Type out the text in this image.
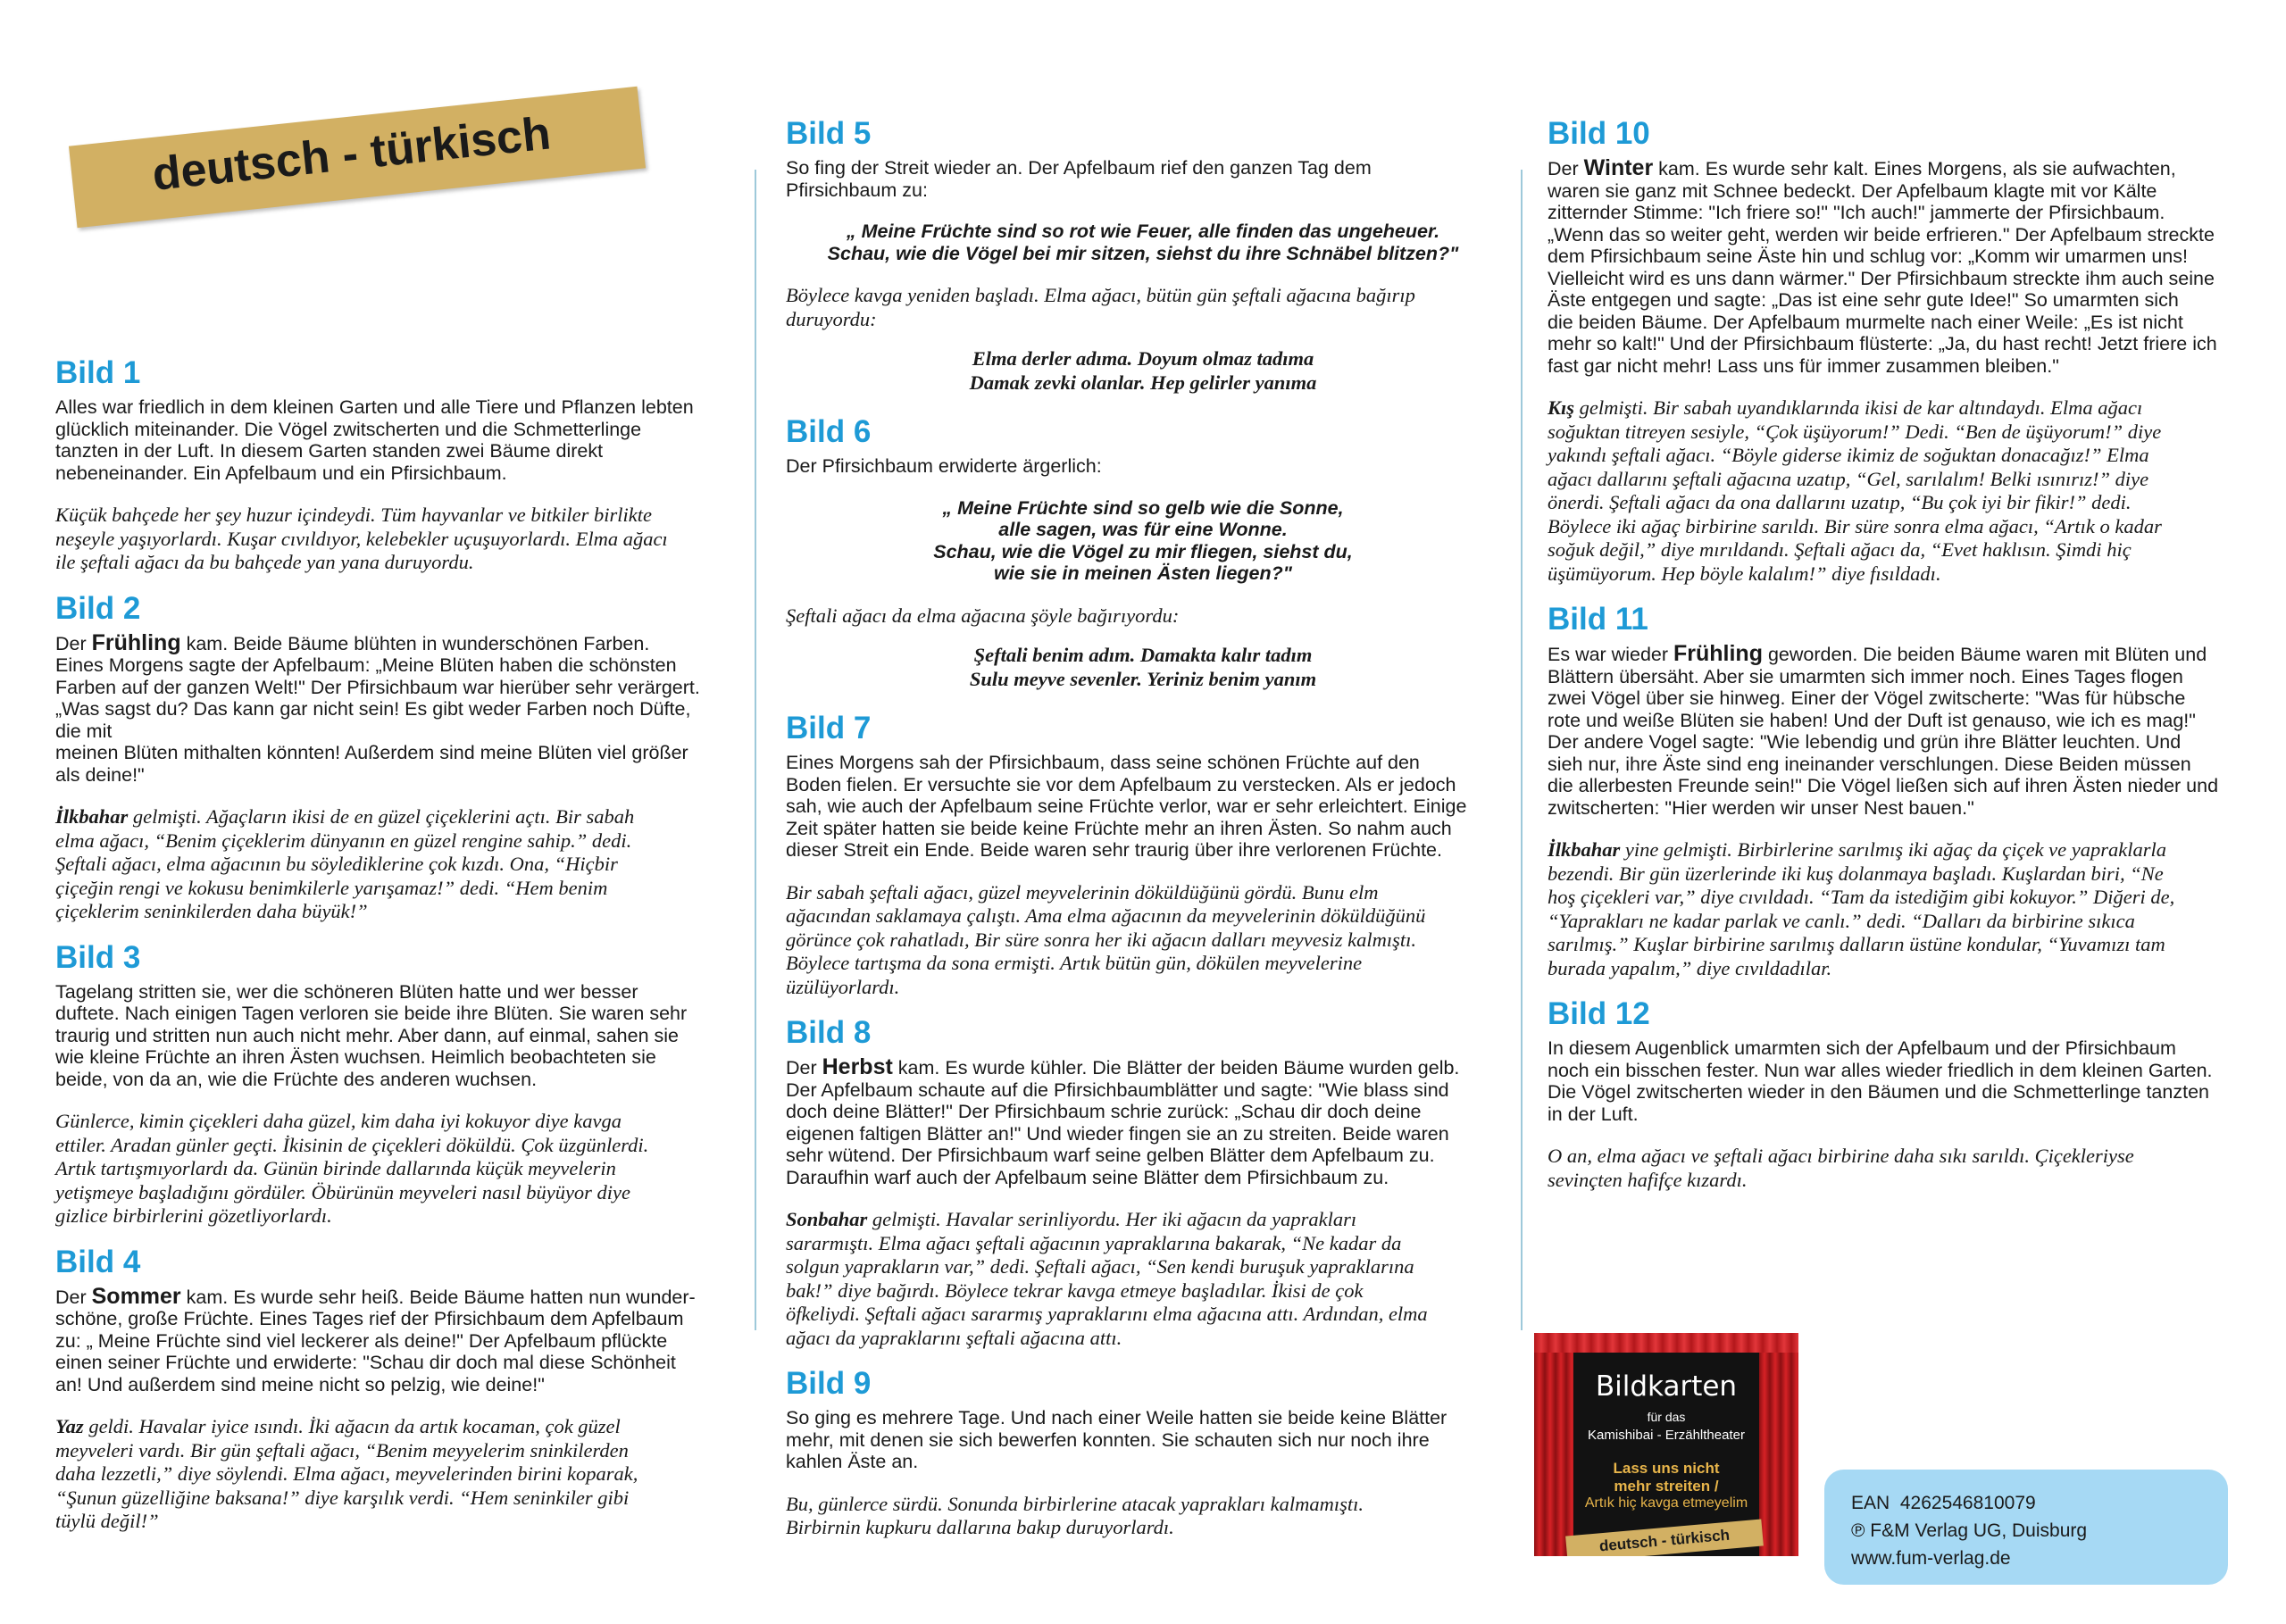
deutsch - türkisch
Bild 1

Alles war friedlich in dem kleinen Garten und alle Tiere und Pflanzen lebten
glücklich miteinander. Die Vögel zwitscherten und die Schmetterlinge
tanzten in der Luft. In diesem Garten standen zwei Bäume direkt
nebeneinander. Ein Apfelbaum und ein Pfirsichbaum.

Küçük bahçede her şey huzur içindeydi. Tüm hayvanlar ve bitkiler birlikte
neşeyle yaşıyorlardı. Kuşar cıvıldıyor, kelebekler uçuşuyorlardı. Elma ağacı
ile şeftali ağacı da bu bahçede yan yana duruyordu.

Bild 2

Der Frühling kam. Beide Bäume blühten in wunderschönen Farben.
Eines Morgens sagte der Apfelbaum: „Meine Blüten haben die schönsten
Farben auf der ganzen Welt!" Der Pfirsichbaum war hierüber sehr verärgert.
„Was sagst du? Das kann gar nicht sein! Es gibt weder Farben noch Düfte,
die mit
meinen Blüten mithalten könnten! Außerdem sind meine Blüten viel größer
als deine!"

İlkbahar gelmişti. Ağaçların ikisi de en güzel çiçeklerini açtı. Bir sabah
elma ağacı, “Benim çiçeklerim dünyanın en güzel rengine sahip.” dedi.
Şeftali ağacı, elma ağacının bu söylediklerine çok kızdı. Ona, “Hiçbir
çiçeğin rengi ve kokusu benimkilerle yarışamaz!” dedi. “Hem benim
çiçeklerim seninkilerden daha büyük!”

Bild 3

Tagelang stritten sie, wer die schöneren Blüten hatte und wer besser
duftete. Nach einigen Tagen verloren sie beide ihre Blüten. Sie waren sehr
traurig und stritten nun auch nicht mehr. Aber dann, auf einmal, sahen sie
wie kleine Früchte an ihren Ästen wuchsen. Heimlich beobachteten sie
beide, von da an, wie die Früchte des anderen wuchsen.

Günlerce, kimin çiçekleri daha güzel, kim daha iyi kokuyor diye kavga
ettiler. Aradan günler geçti. İkisinin de çiçekleri döküldü. Çok üzgünlerdi.
Artık tartışmıyorlardı da. Günün birinde dallarında küçük meyvelerin
yetişmeye başladığını gördüler. Öbürünün meyveleri nasıl büyüyor diye
gizlice birbirlerini gözetliyorlardı.

Bild 4

Der Sommer kam. Es wurde sehr heiß. Beide Bäume hatten nun wunder-
schöne, große Früchte. Eines Tages rief der Pfirsichbaum dem Apfelbaum
zu: „ Meine Früchte sind viel leckerer als deine!" Der Apfelbaum pflückte
einen seiner Früchte und erwiderte: "Schau dir doch mal diese Schönheit
an! Und außerdem sind meine nicht so pelzig, wie deine!"

Yaz geldi. Havalar iyice ısındı. İki ağacın da artık kocaman, çok güzel
meyveleri vardı. Bir gün şeftali ağacı, “Benim meyyelerim sninkilerden
daha lezzetli,” diye söylendi. Elma ağacı, meyvelerinden birini koparak,
“Şunun güzelliğine baksana!” diye karşılık verdi. “Hem seninkiler gibi
tüylü değil!”

Bild 5

So fing der Streit wieder an. Der Apfelbaum rief den ganzen Tag dem
Pfirsichbaum zu:

„ Meine Früchte sind so rot wie Feuer, alle finden das ungeheuer.
Schau, wie die Vögel bei mir sitzen, siehst du ihre Schnäbel blitzen?"

Böylece kavga yeniden başladı. Elma ağacı, bütün gün şeftali ağacına bağırıp
duruyordu:

Elma derler adıma. Doyum olmaz tadıma
Damak zevki olanlar. Hep gelirler yanıma

Bild 6

Der Pfirsichbaum erwiderte ärgerlich:

„ Meine Früchte sind so gelb wie die Sonne,
alle sagen, was für eine Wonne.
Schau, wie die Vögel zu mir fliegen, siehst du,
wie sie in meinen Ästen liegen?"

Şeftali ağacı da elma ağacına şöyle bağırıyordu:

Şeftali benim adım. Damakta kalır tadım
Sulu meyve sevenler. Yeriniz benim yanım

Bild 7

Eines Morgens sah der Pfirsichbaum, dass seine schönen Früchte auf den
Boden fielen. Er versuchte sie vor dem Apfelbaum zu verstecken. Als er jedoch
sah, wie auch der Apfelbaum seine Früchte verlor, war er sehr erleichtert. Einige
Zeit später hatten sie beide keine Früchte mehr an ihren Ästen. So nahm auch
dieser Streit ein Ende. Beide waren sehr traurig über ihre verlorenen Früchte.

Bir sabah şeftali ağacı, güzel meyvelerinin döküldüğünü gördü. Bunu elm
ağacından saklamaya çalıştı. Ama elma ağacının da meyvelerinin döküldüğünü
görünce çok rahatladı, Bir süre sonra her iki ağacın dalları meyvesiz kalmıştı.
Böylece tartışma da sona ermişti. Artık bütün gün, dökülen meyvelerine
üzülüyorlardı.

Bild 8

Der Herbst kam. Es wurde kühler. Die Blätter der beiden Bäume wurden gelb.
Der Apfelbaum schaute auf die Pfirsichbaumblätter und sagte: "Wie blass sind
doch deine Blätter!" Der Pfirsichbaum schrie zurück: „Schau dir doch deine
eigenen faltigen Blätter an!" Und wieder fingen sie an zu streiten. Beide waren
sehr wütend. Der Pfirsichbaum warf seine gelben Blätter dem Apfelbaum zu.
Daraufhin warf auch der Apfelbaum seine Blätter dem Pfirsichbaum zu.

Sonbahar gelmişti. Havalar serinliyordu. Her iki ağacın da yaprakları
sararmıştı. Elma ağacı şeftali ağacının yapraklarına bakarak, “Ne kadar da
solgun yaprakların var,” dedi. Şeftali ağacı, “Sen kendi buruşuk yapraklarına
bak!” diye bağırdı. Böylece tekrar kavga etmeye başladılar. İkisi de çok
öfkeliydi. Şeftali ağacı sararmış yapraklarını elma ağacına attı. Ardından, elma
ağacı da yapraklarını şeftali ağacına attı.

Bild 9

So ging es mehrere Tage. Und nach einer Weile hatten sie beide keine Blätter
mehr, mit denen sie sich bewerfen konnten. Sie schauten sich nur noch ihre
kahlen Äste an.

Bu, günlerce sürdü. Sonunda birbirlerine atacak yaprakları kalmamıştı.
Birbirnin kupkuru dallarına bakıp duruyorlardı.

Bild 10

Der Winter kam. Es wurde sehr kalt. Eines Morgens, als sie aufwachten,
waren sie ganz mit Schnee bedeckt. Der Apfelbaum klagte mit vor Kälte
zitternder Stimme: "Ich friere so!" "Ich auch!" jammerte der Pfirsichbaum.
„Wenn das so weiter geht, werden wir beide erfrieren." Der Apfelbaum streckte
dem Pfirsichbaum seine Äste hin und schlug vor: „Komm wir umarmen uns!
Vielleicht wird es uns dann wärmer." Der Pfirsichbaum streckte ihm auch seine
Äste entgegen und sagte: „Das ist eine sehr gute Idee!" So umarmten sich
die beiden Bäume. Der Apfelbaum murmelte nach einer Weile: „Es ist nicht
mehr so kalt!" Und der Pfirsichbaum flüsterte: „Ja, du hast recht! Jetzt friere ich
fast gar nicht mehr! Lass uns für immer zusammen bleiben."

Kış gelmişti. Bir sabah uyandıklarında ikisi de kar altındaydı. Elma ağacı
soğuktan titreyen sesiyle, “Çok üşüyorum!” Dedi. “Ben de üşüyorum!” diye
yakındı şeftali ağacı. “Böyle giderse ikimiz de soğuktan donacağız!” Elma
ağacı dallarını şeftali ağacına uzatıp, “Gel, sarılalım! Belki ısınırız!” diye
önerdi. Şeftali ağacı da ona dallarını uzatıp, “Bu çok iyi bir fikir!” dedi.
Böylece iki ağaç birbirine sarıldı. Bir süre sonra elma ağacı, “Artık o kadar
soğuk değil,” diye mırıldandı. Şeftali ağacı da, “Evet haklısın. Şimdi hiç
üşümüyorum. Hep böyle kalalım!” diye fısıldadı.

Bild 11

Es war wieder Frühling geworden. Die beiden Bäume waren mit Blüten und
Blättern übersäht. Aber sie umarmten sich immer noch. Eines Tages flogen
zwei Vögel über sie hinweg. Einer der Vögel zwitscherte: "Was für hübsche
rote und weiße Blüten sie haben! Und der Duft ist genauso, wie ich es mag!"
Der andere Vogel sagte: "Wie lebendig und grün ihre Blätter leuchten. Und
sieh nur, ihre Äste sind eng ineinander verschlungen. Diese Beiden müssen
die allerbesten Freunde sein!" Die Vögel ließen sich auf ihren Ästen nieder und
zwitscherten: "Hier werden wir unser Nest bauen."

İlkbahar yine gelmişti. Birbirlerine sarılmış iki ağaç da çiçek ve yapraklarla
bezendi. Bir gün üzerlerinde iki kuş dolanmaya başladı. Kuşlardan biri, “Ne
hoş çiçekleri var,” diye cıvıldadı. “Tam da istediğim gibi kokuyor.” Diğeri de,
“Yaprakları ne kadar parlak ve canlı.” dedi. “Dalları da birbirine sıkıca
sarılmış.” Kuşlar birbirine sarılmış dalların üstüne kondular, “Yuvamızı tam
burada yapalım,” diye cıvıldadılar.

Bild 12

In diesem Augenblick umarmten sich der Apfelbaum und der Pfirsichbaum
noch ein bisschen fester. Nun war alles wieder friedlich in dem kleinen Garten.
Die Vögel zwitscherten wieder in den Bäumen und die Schmetterlinge tanzten
in der Luft.

O an, elma ağacı ve şeftali ağacı birbirine daha sıkı sarıldı. Çiçekleriyse
sevinçten hafifçe kızardı.

Bildkarten
für das
Kamishibai - Erzähltheater
Lass uns nicht
mehr streiten /
Artık hiç kavga etmeyelim
deutsch - türkisch
EAN 4262546810079
℗ F&M Verlag UG, Duisburg
www.fum-verlag.de
